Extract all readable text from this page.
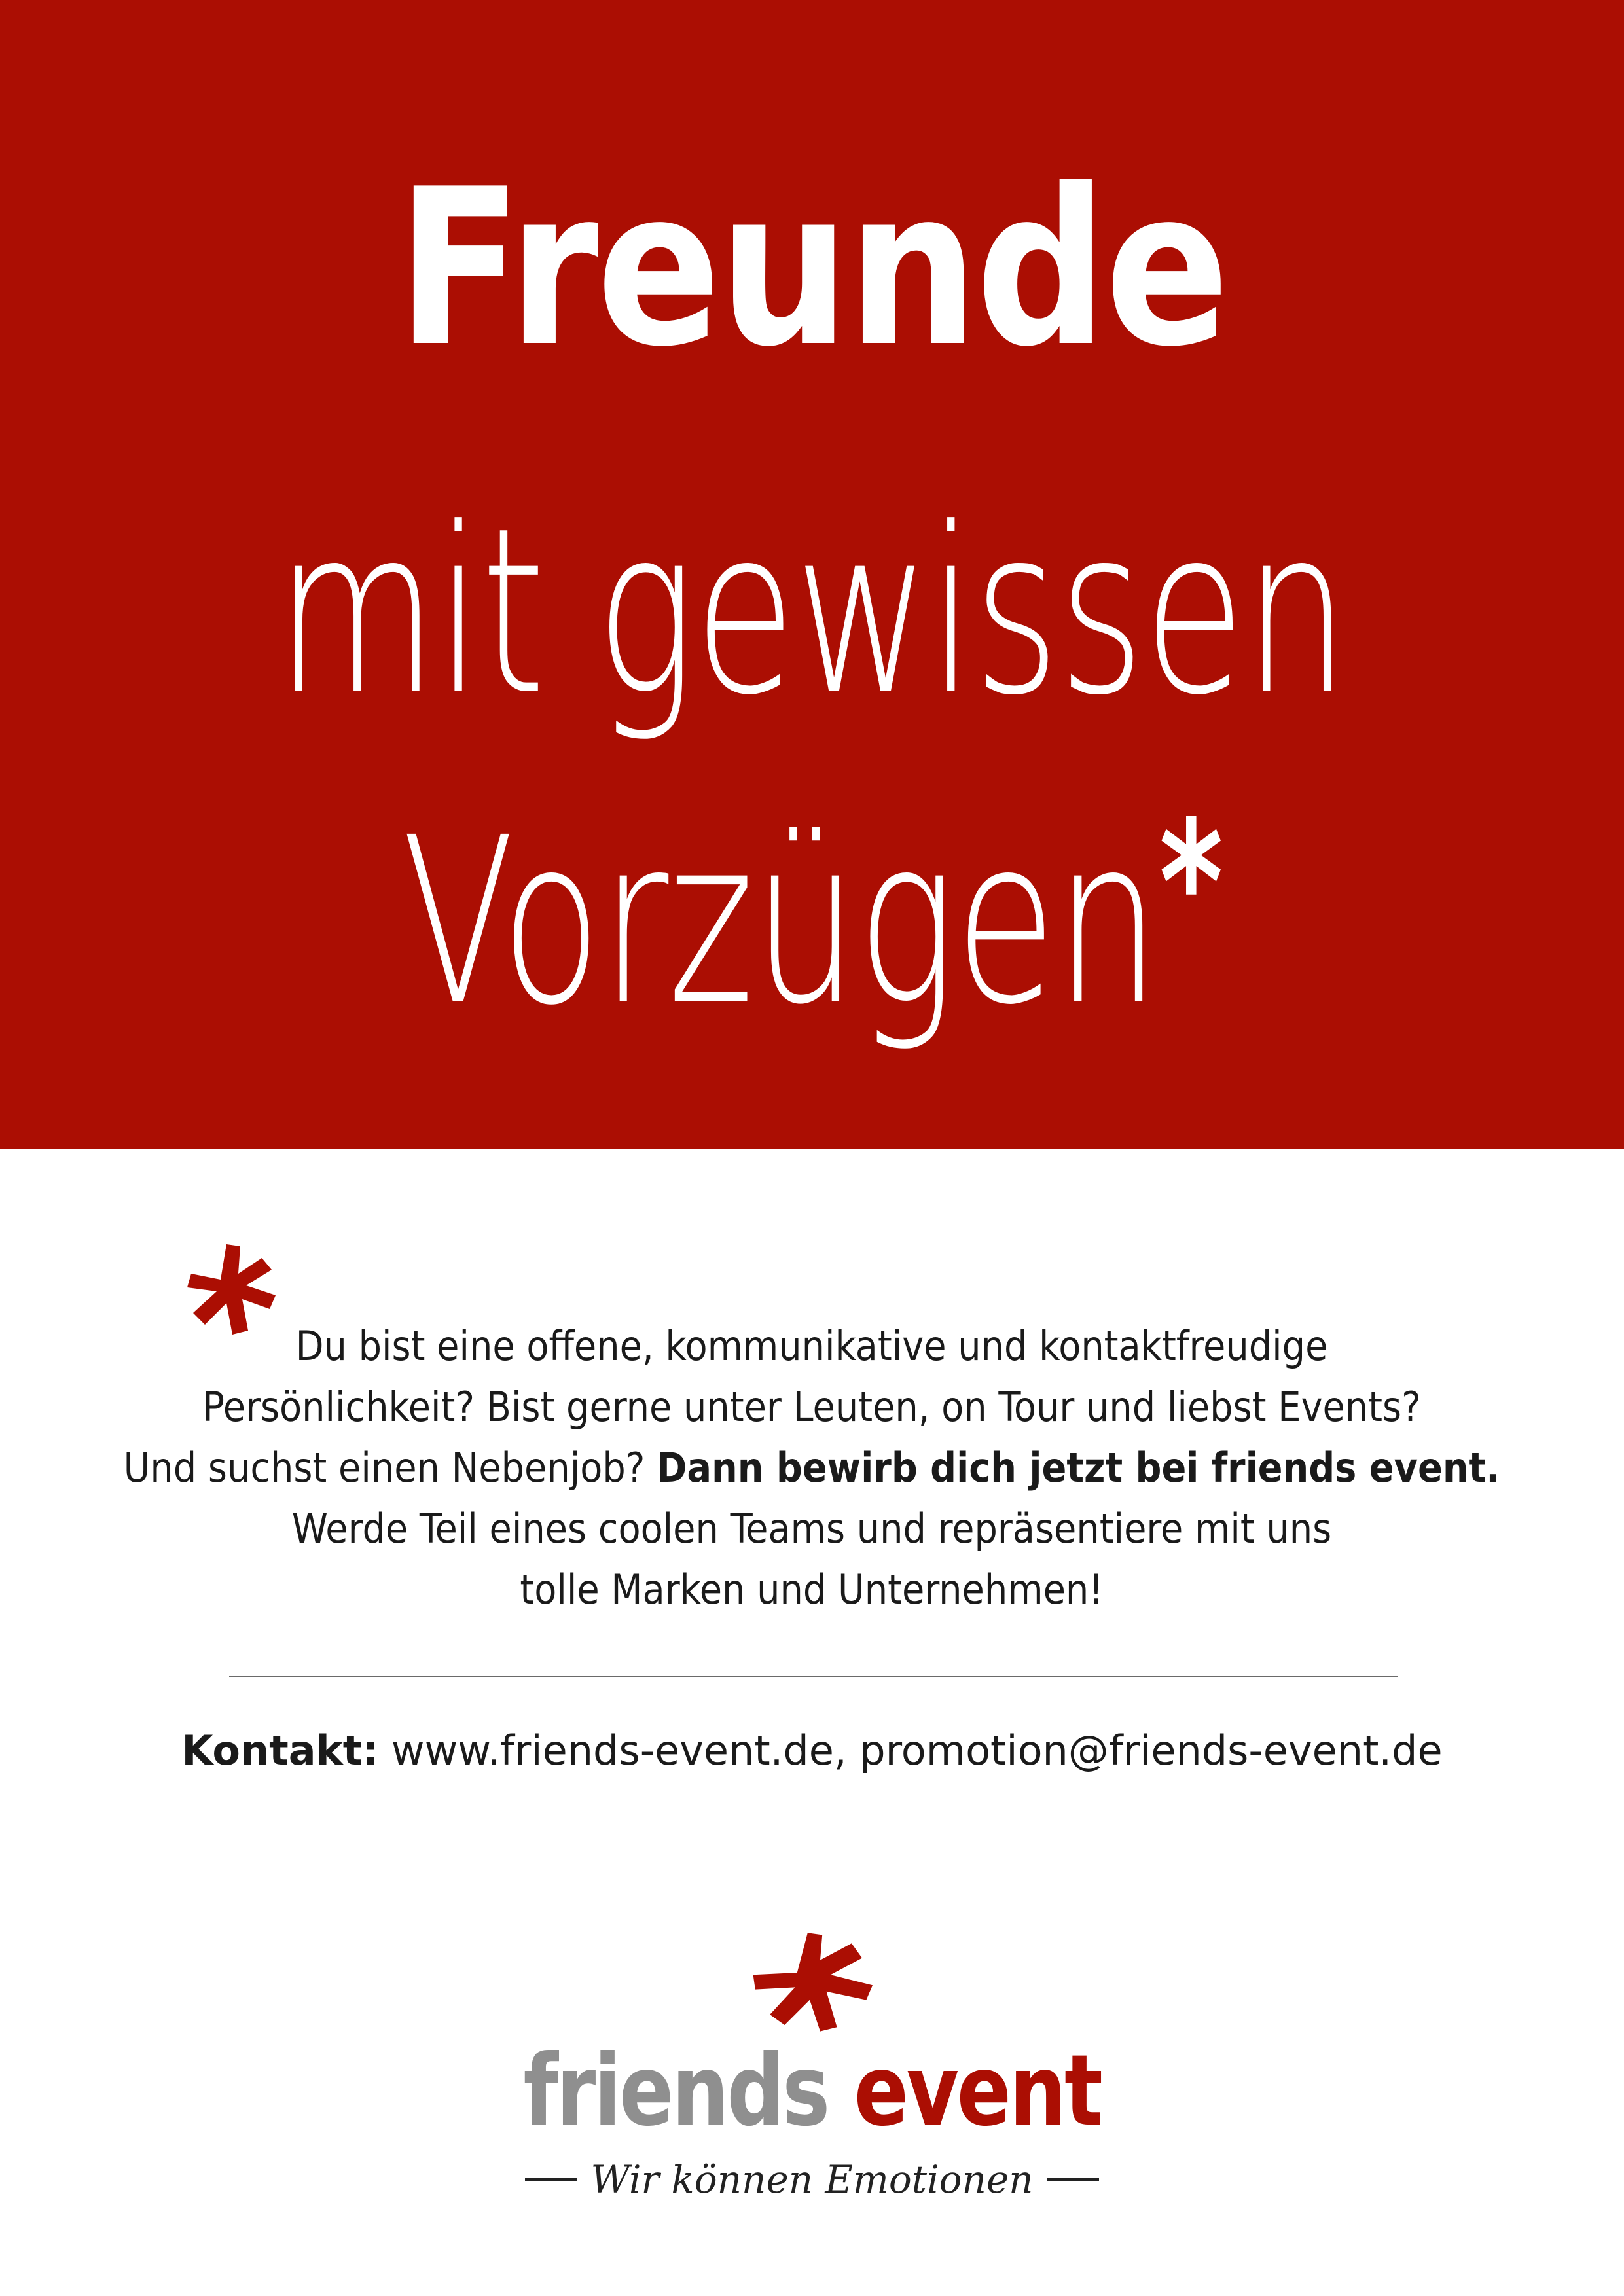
Freunde
mit gewissen
Vorzügen*
Du bist eine offene, kommunikative und kontaktfreudige
Persönlichkeit? Bist gerne unter Leuten, on Tour und liebst Events?
Und suchst einen Nebenjob? Dann bewirb dich jetzt bei friends event.
Werde Teil eines coolen Teams und repräsentiere mit uns
tolle Marken und Unternehmen!
Kontakt: www.friends-event.de, promotion@friends-event.de
friends event
Wir können Emotionen
